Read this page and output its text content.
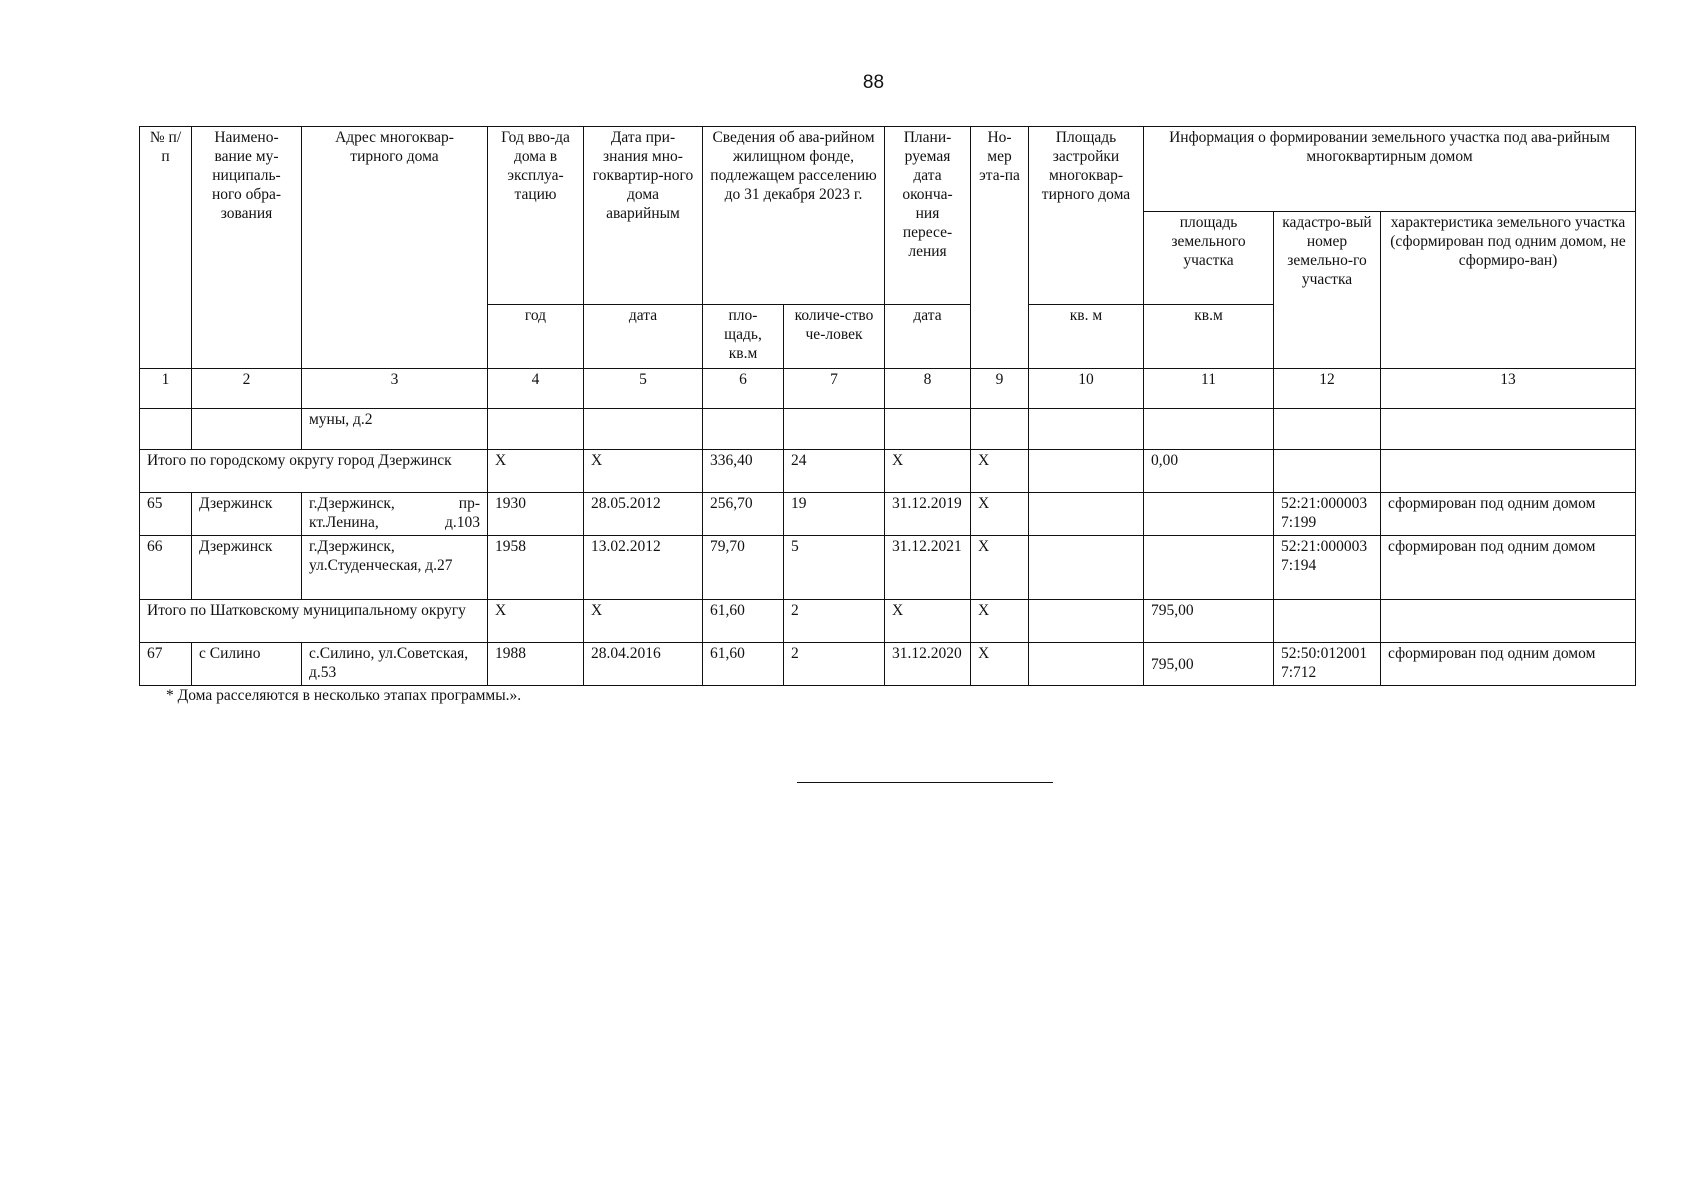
88
№ п/п	Наимено-вание му-ниципаль-ного обра-зования	Адрес многоквар-тирного дома	Год вво-да дома в эксплуа-тацию	Дата при-знания мно-гоквартир-ного дома аварийным	Сведения об ава-рийном жилищном фонде, подлежащем расселению до 31 декабря 2023 г.		Плани-руемая дата оконча-ния пересе-ления	Но-мер эта-па	Площадь застройки многоквар-тирного дома	Информация о формировании земельного участка под ава-рийным многоквартирным домом		
										площадь земельного участка	кадастро-вый номер земельно-го участка	характеристика земельного участка (сформирован под одним домом, не сформиро-ван)
			год	дата	пло-щадь, кв.м	количе-ство че-ловек	дата		кв. м	кв.м		
1	2	3	4	5	6	7	8	9	10	11	12	13
		муны, д.2										
Итого по городскому округу город Дзержинск			X	X	336,40	24	X	X		0,00		
65	Дзержинск	г.Дзержинск, пр-кт.Ленина, д.103	1930	28.05.2012	256,70	19	31.12.2019	X			52:21:0000037:199	сформирован под одним домом
66	Дзержинск	г.Дзержинск, ул.Студенческая, д.27	1958	13.02.2012	79,70	5	31.12.2021	X			52:21:0000037:194	сформирован под одним домом
Итого по Шатковскому муниципальному округу			X	X	61,60	2	X	X		795,00		
67	с Силино	с.Силино, ул.Советская, д.53	1988	28.04.2016	61,60	2	31.12.2020	X		795,00	52:50:0120017:712	сформирован под одним домом
* Дома расселяются в несколько этапах программы.».
